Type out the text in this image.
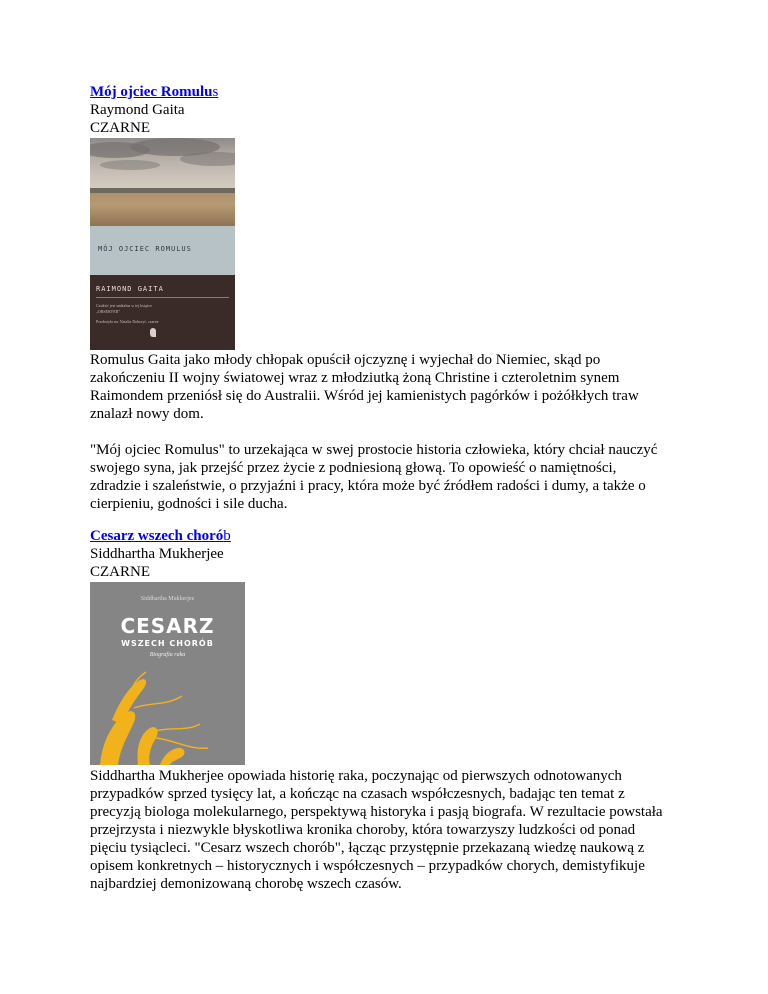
Mój ojciec Romulus
Raymond Gaita
CZARNE
MÓJ OJCIEC ROMULUS
RAIMOND GAITA
Czułość jest unikalna w tej książce
„OBSERVER”
Przełożyła na: Natalia Dobrzyć, czarne

Romulus Gaita jako młody chłopak opuścił ojczyznę i wyjechał do Niemiec, skąd po zakończeniu II wojny światowej wraz z młodziutką żoną Christine i czteroletnim synem Raimondem przeniósł się do Australii. Wśród jej kamienistych pagórków i pożółkłych traw znalazł nowy dom.

"Mój ojciec Romulus" to urzekająca w swej prostocie historia człowieka, który chciał nauczyć swojego syna, jak przejść przez życie z podniesioną głową. To opowieść o namiętności, zdradzie i szaleństwie, o przyjaźni i pracy, która może być źródłem radości i dumy, a także o cierpieniu, godności i sile ducha.

Cesarz wszech chorób
Siddhartha Mukherjee
CZARNE
Siddhartha Mukherjee
CESARZ
WSZECH CHORÓB
Biografia raka

Siddhartha Mukherjee opowiada historię raka, poczynając od pierwszych odnotowanych przypadków sprzed tysięcy lat, a kończąc na czasach współczesnych, badając ten temat z precyzją biologa molekularnego, perspektywą historyka i pasją biografa. W rezultacie powstała przejrzysta i niezwykle błyskotliwa kronika choroby, która towarzyszy ludzkości od ponad pięciu tysiącleci. "Cesarz wszech chorób", łącząc przystępnie przekazaną wiedzę naukową z opisem konkretnych – historycznych i współczesnych – przypadków chorych, demistyfikuje najbardziej demonizowaną chorobę wszech czasów.
